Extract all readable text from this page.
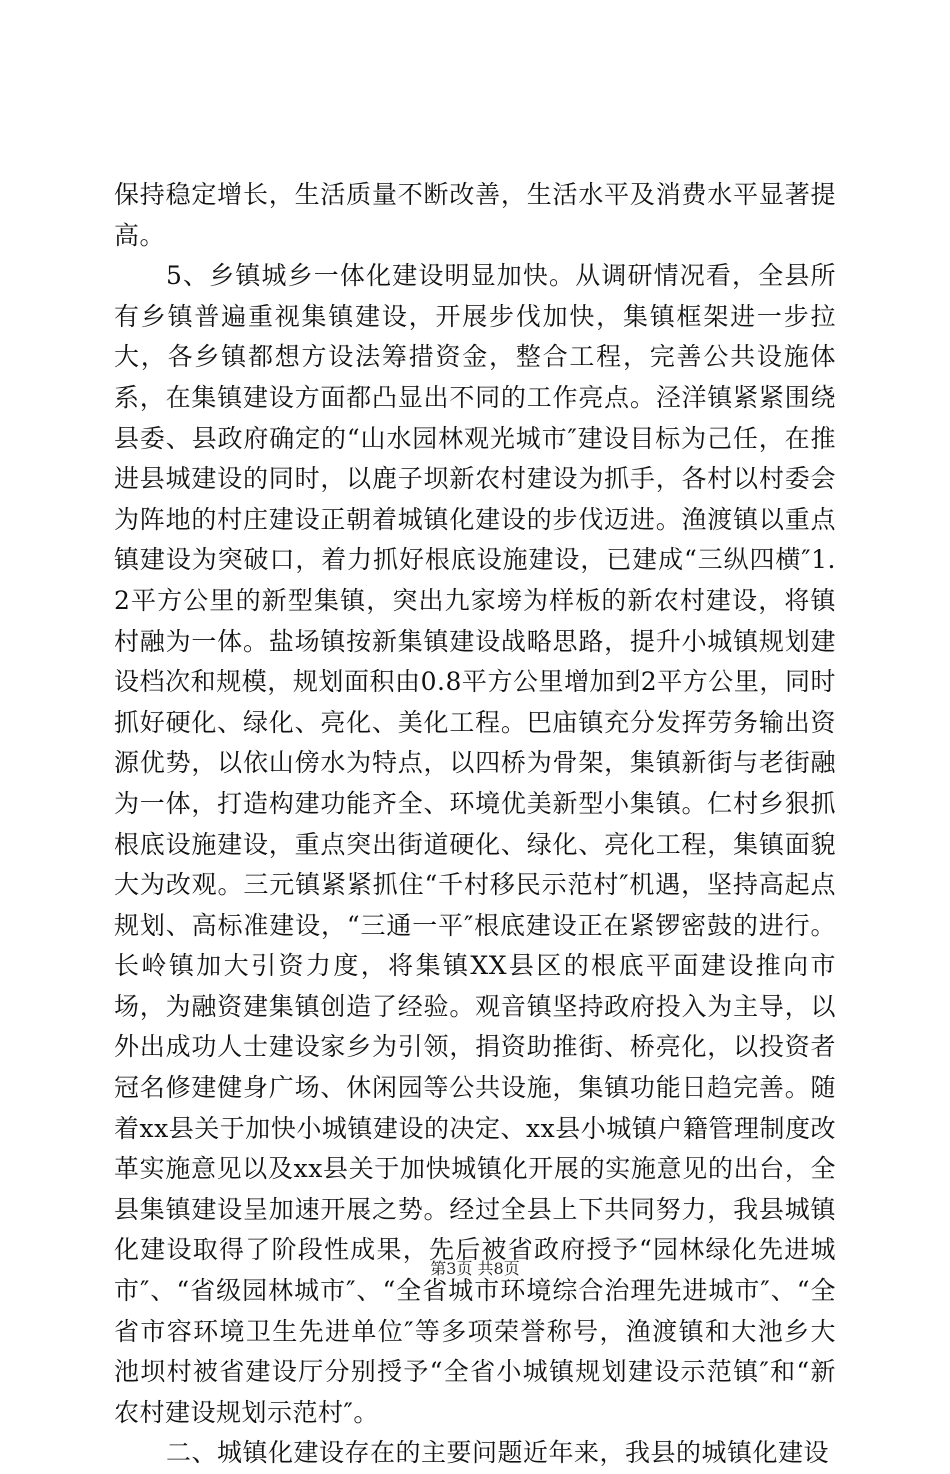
保持稳定增长，生活质量不断改善，生活水平及消费水平显著提高。

5、乡镇城乡一体化建设明显加快。从调研情况看，全县所有乡镇普遍重视集镇建设，开展步伐加快，集镇框架进一步拉大，各乡镇都想方设法筹措资金，整合工程，完善公共设施体系，在集镇建设方面都凸显出不同的工作亮点。泾洋镇紧紧围绕县委、县政府确定的“山水园林观光城市″建设目标为己任，在推进县城建设的同时，以鹿子坝新农村建设为抓手，各村以村委会为阵地的村庄建设正朝着城镇化建设的步伐迈进。渔渡镇以重点镇建设为突破口，着力抓好根底设施建设，已建成“三纵四横″1.2平方公里的新型集镇，突出九家塝为样板的新农村建设，将镇村融为一体。盐场镇按新集镇建设战略思路，提升小城镇规划建设档次和规模，规划面积由0.8平方公里增加到2平方公里，同时抓好硬化、绿化、亮化、美化工程。巴庙镇充分发挥劳务输出资源优势，以依山傍水为特点，以四桥为骨架，集镇新街与老街融为一体，打造构建功能齐全、环境优美新型小集镇。仁村乡狠抓根底设施建设，重点突出街道硬化、绿化、亮化工程，集镇面貌大为改观。三元镇紧紧抓住“千村移民示范村″机遇，坚持高起点规划、高标准建设，“三通一平″根底建设正在紧锣密鼓的进行。长岭镇加大引资力度，将集镇XX县区的根底平面建设推向市场，为融资建集镇创造了经验。观音镇坚持政府投入为主导，以外出成功人士建设家乡为引领，捐资助推街、桥亮化，以投资者冠名修建健身广场、休闲园等公共设施，集镇功能日趋完善。随着xx县关于加快小城镇建设的决定、xx县小城镇户籍管理制度改革实施意见以及xx县关于加快城镇化开展的实施意见的出台，全县集镇建设呈加速开展之势。经过全县上下共同努力，我县城镇化建设取得了阶段性成果，先后被省政府授予“园林绿化先进城市″、“省级园林城市″、“全省城市环境综合治理先进城市″、“全省市容环境卫生先进单位″等多项荣誉称号，渔渡镇和大池乡大池坝村被省建设厅分别授予“全省小城镇规划建设示范镇″和“新农村建设规划示范村″。

二、城镇化建设存在的主要问题近年来，我县的城镇化建设

第3页 共8页
